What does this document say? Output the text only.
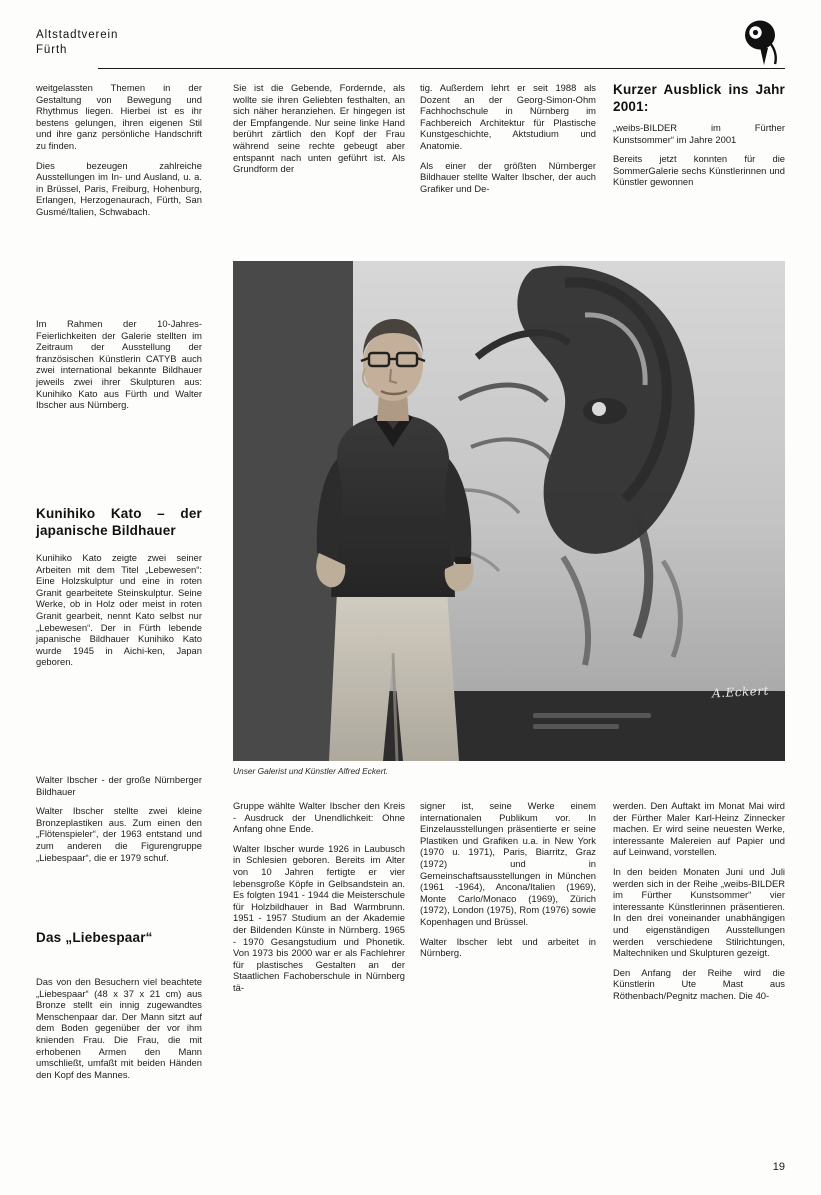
Altstadtverein
Fürth

weitgelassten Themen in der Gestaltung von Bewegung und Rhythmus liegen. Hierbei ist es ihr bestens gelungen, ihren eigenen Stil und ihre ganz persönliche Handschrift zu finden.

Dies bezeugen zahlreiche Ausstellungen im In- und Ausland, u. a. in Brüssel, Paris, Freiburg, Hohenburg, Erlangen, Herzogenaurach, Fürth, San Gusmé/Italien, Schwabach.

Sie ist die Gebende, Fordernde, als wollte sie ihren Geliebten festhalten, an sich näher heranziehen. Er hingegen ist der Empfangende. Nur seine linke Hand berührt zärtlich den Kopf der Frau während seine rechte gebeugt aber entspannt nach unten geführt ist. Als Grundform der

tig. Außerdem lehrt er seit 1988 als Dozent an der Georg-Simon-Ohm Fachhochschule in Nürnberg im Fachbereich Architektur für Plastische Kunstgeschichte, Aktstudium und Anatomie.

Als einer der größten Nürnberger Bildhauer stellte Walter Ibscher, der auch Grafiker und De-

Kurzer Ausblick ins Jahr 2001:

„weibs-BILDER im Fürther Kunstsommer“ im Jahre 2001

Bereits jetzt konnten für die SommerGalerie sechs Künstlerinnen und Künstler gewonnen

Im Rahmen der 10-Jahres-Feierlichkeiten der Galerie stellten im Zeitraum der Ausstellung der französischen Künstlerin CATYB auch zwei international bekannte Bildhauer jeweils zwei ihrer Skulpturen aus: Kunihiko Kato aus Fürth und Walter Ibscher aus Nürnberg.

Kunihiko Kato – der japanische Bildhauer

Kunihiko Kato zeigte zwei seiner Arbeiten mit dem Titel „Lebewesen“: Eine Holzskulptur und eine in roten Granit gearbeitete Steinskulptur. Seine Werke, ob in Holz oder meist in roten Granit gearbeit, nennt Kato selbst nur „Lebewesen“. Der in Fürth lebende japanische Bildhauer Kunihiko Kato wurde 1945 in Aichi-ken, Japan geboren.

Walter Ibscher - der große Nürnberger Bildhauer

Walter Ibscher stellte zwei kleine Bronzeplastiken aus. Zum einen den „Flötenspieler“, der 1963 entstand und zum anderen die Figurengruppe „Liebespaar“, die er 1979 schuf.

Das „Liebespaar“

Das von den Besuchern viel beachtete „Liebespaar“ (48 x 37 x 21 cm) aus Bronze stellt ein innig zugewandtes Menschenpaar dar. Der Mann sitzt auf dem Boden gegenüber der vor ihm knienden Frau. Die Frau, die mit erhobenen Armen den Mann umschließt, umfaßt mit beiden Händen den Kopf des Mannes.

A.Eckert
Unser Galerist und Künstler Alfred Eckert.

Gruppe wählte Walter Ibscher den Kreis - Ausdruck der Unendlichkeit: Ohne Anfang ohne Ende.

Walter Ibscher wurde 1926 in Laubusch in Schlesien geboren. Bereits im Alter von 10 Jahren fertigte er vier lebensgroße Köpfe in Gelbsandstein an. Es folgten 1941 - 1944 die Meisterschule für Holzbildhauer in Bad Warmbrunn. 1951 - 1957 Studium an der Akademie der Bildenden Künste in Nürnberg. 1965 - 1970 Gesangstudium und Phonetik. Von 1973 bis 2000 war er als Fachlehrer für plastisches Gestalten an der Staatlichen Fachoberschule in Nürnberg tä-

signer ist, seine Werke einem internationalen Publikum vor. In Einzelausstellungen präsentierte er seine Plastiken und Grafiken u.a. in New York (1970 u. 1971), Paris, Biarritz, Graz (1972) und in Gemeinschaftsausstellungen in München (1961 -1964), Ancona/Italien (1969), Monte Carlo/Monaco (1969), Zürich (1972), London (1975), Rom (1976) sowie Kopenhagen und Brüssel.

Walter Ibscher lebt und arbeitet in Nürnberg.

werden. Den Auftakt im Monat Mai wird der Fürther Maler Karl-Heinz Zinnecker machen. Er wird seine neuesten Werke, interessante Malereien auf Papier und auf Leinwand, vorstellen.

In den beiden Monaten Juni und Juli werden sich in der Reihe „weibs-BILDER im Fürther Kunstsommer“ vier interessante Künstlerinnen präsentieren. In den drei voneinander unabhängigen und eigenständigen Ausstellungen werden verschiedene Stilrichtungen, Maltechniken und Skulpturen gezeigt.

Den Anfang der Reihe wird die Künstlerin Ute Mast aus Röthenbach/Pegnitz machen. Die 40-

19
